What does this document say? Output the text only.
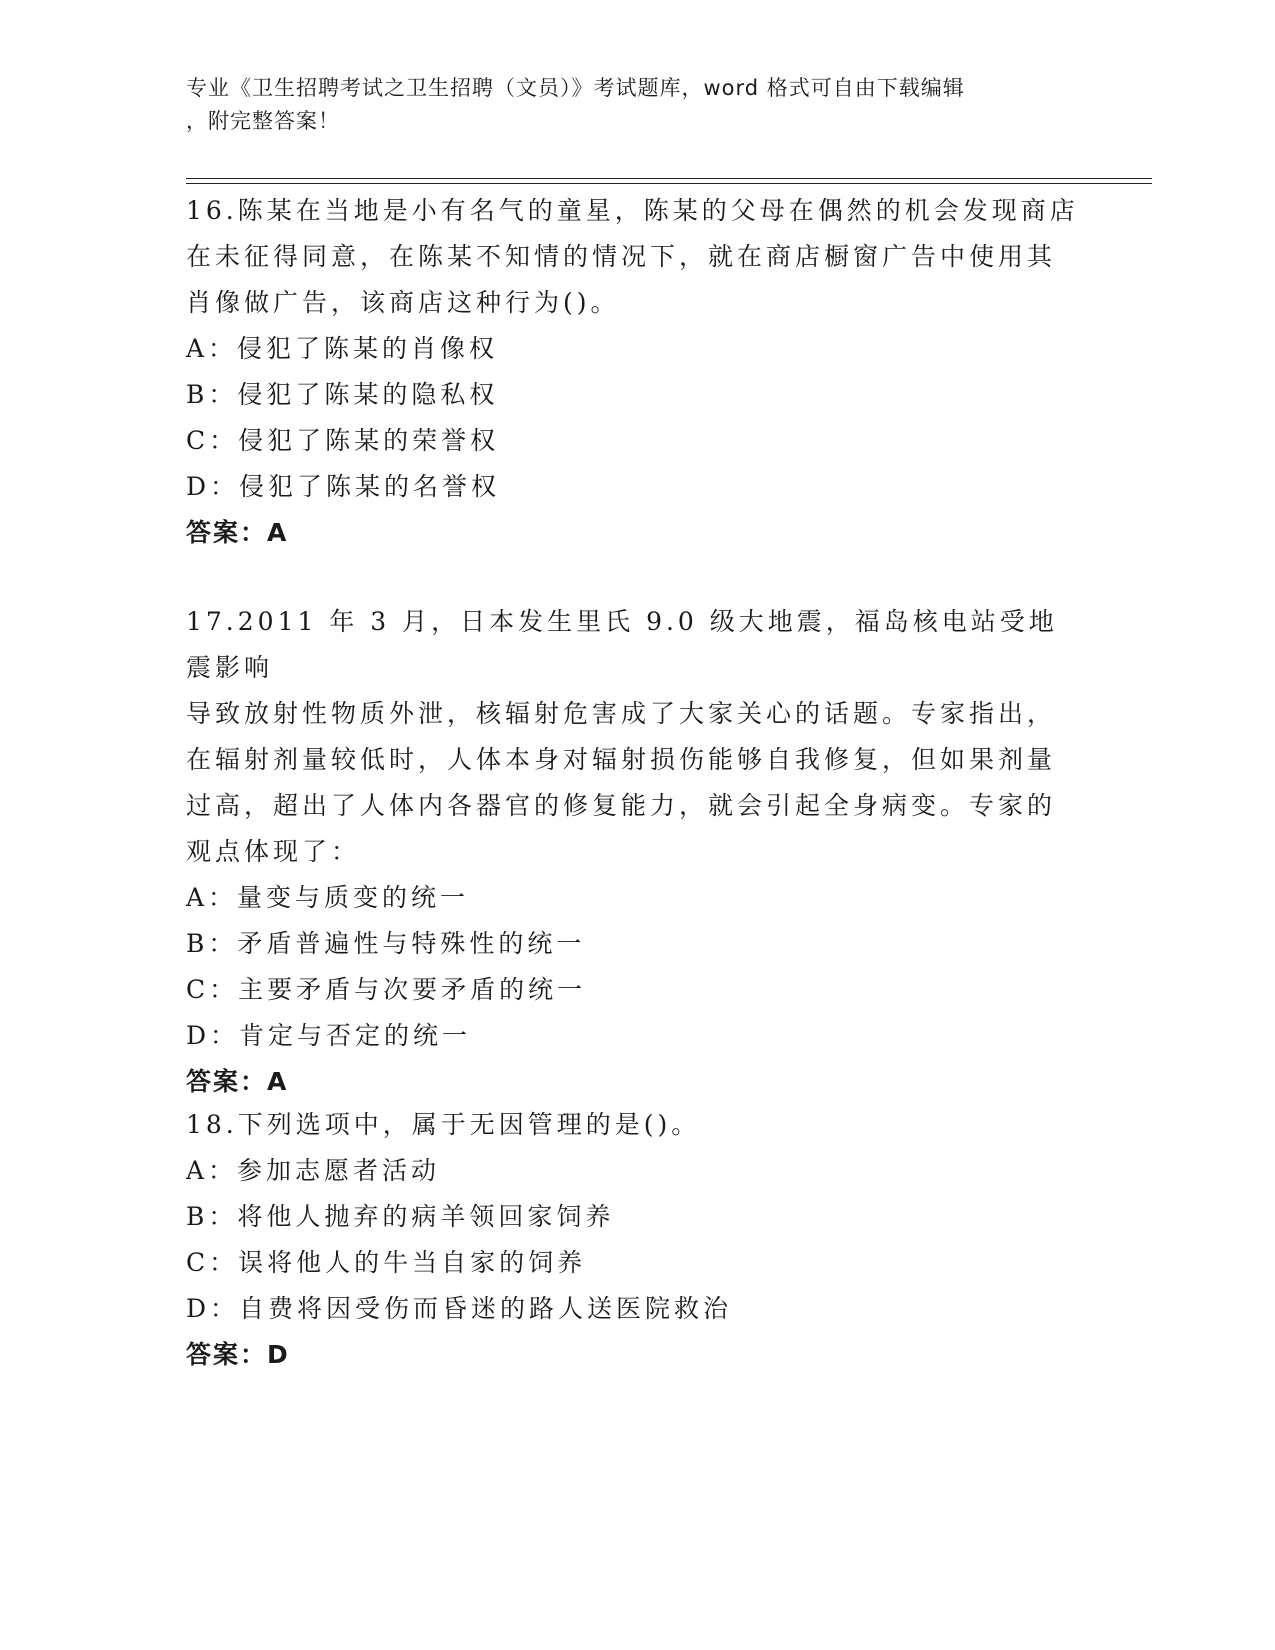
专业《卫生招聘考试之卫生招聘（文员）》考试题库，word 格式可自由下载编辑
，附完整答案！
16.陈某在当地是小有名气的童星，陈某的父母在偶然的机会发现商店
在未征得同意，在陈某不知情的情况下，就在商店橱窗广告中使用其
肖像做广告，该商店这种行为()。
A：侵犯了陈某的肖像权
B：侵犯了陈某的隐私权
C：侵犯了陈某的荣誉权
D：侵犯了陈某的名誉权
答案：A
17.2011 年 3 月，日本发生里氏 9.0 级大地震，福岛核电站受地震影响
导致放射性物质外泄，核辐射危害成了大家关心的话题。专家指出，
在辐射剂量较低时，人体本身对辐射损伤能够自我修复，但如果剂量
过高，超出了人体内各器官的修复能力，就会引起全身病变。专家的
观点体现了：
A：量变与质变的统一
B：矛盾普遍性与特殊性的统一
C：主要矛盾与次要矛盾的统一
D：肯定与否定的统一
答案：A
18.下列选项中，属于无因管理的是()。
A：参加志愿者活动
B：将他人抛弃的病羊领回家饲养
C：误将他人的牛当自家的饲养
D：自费将因受伤而昏迷的路人送医院救治
答案：D
